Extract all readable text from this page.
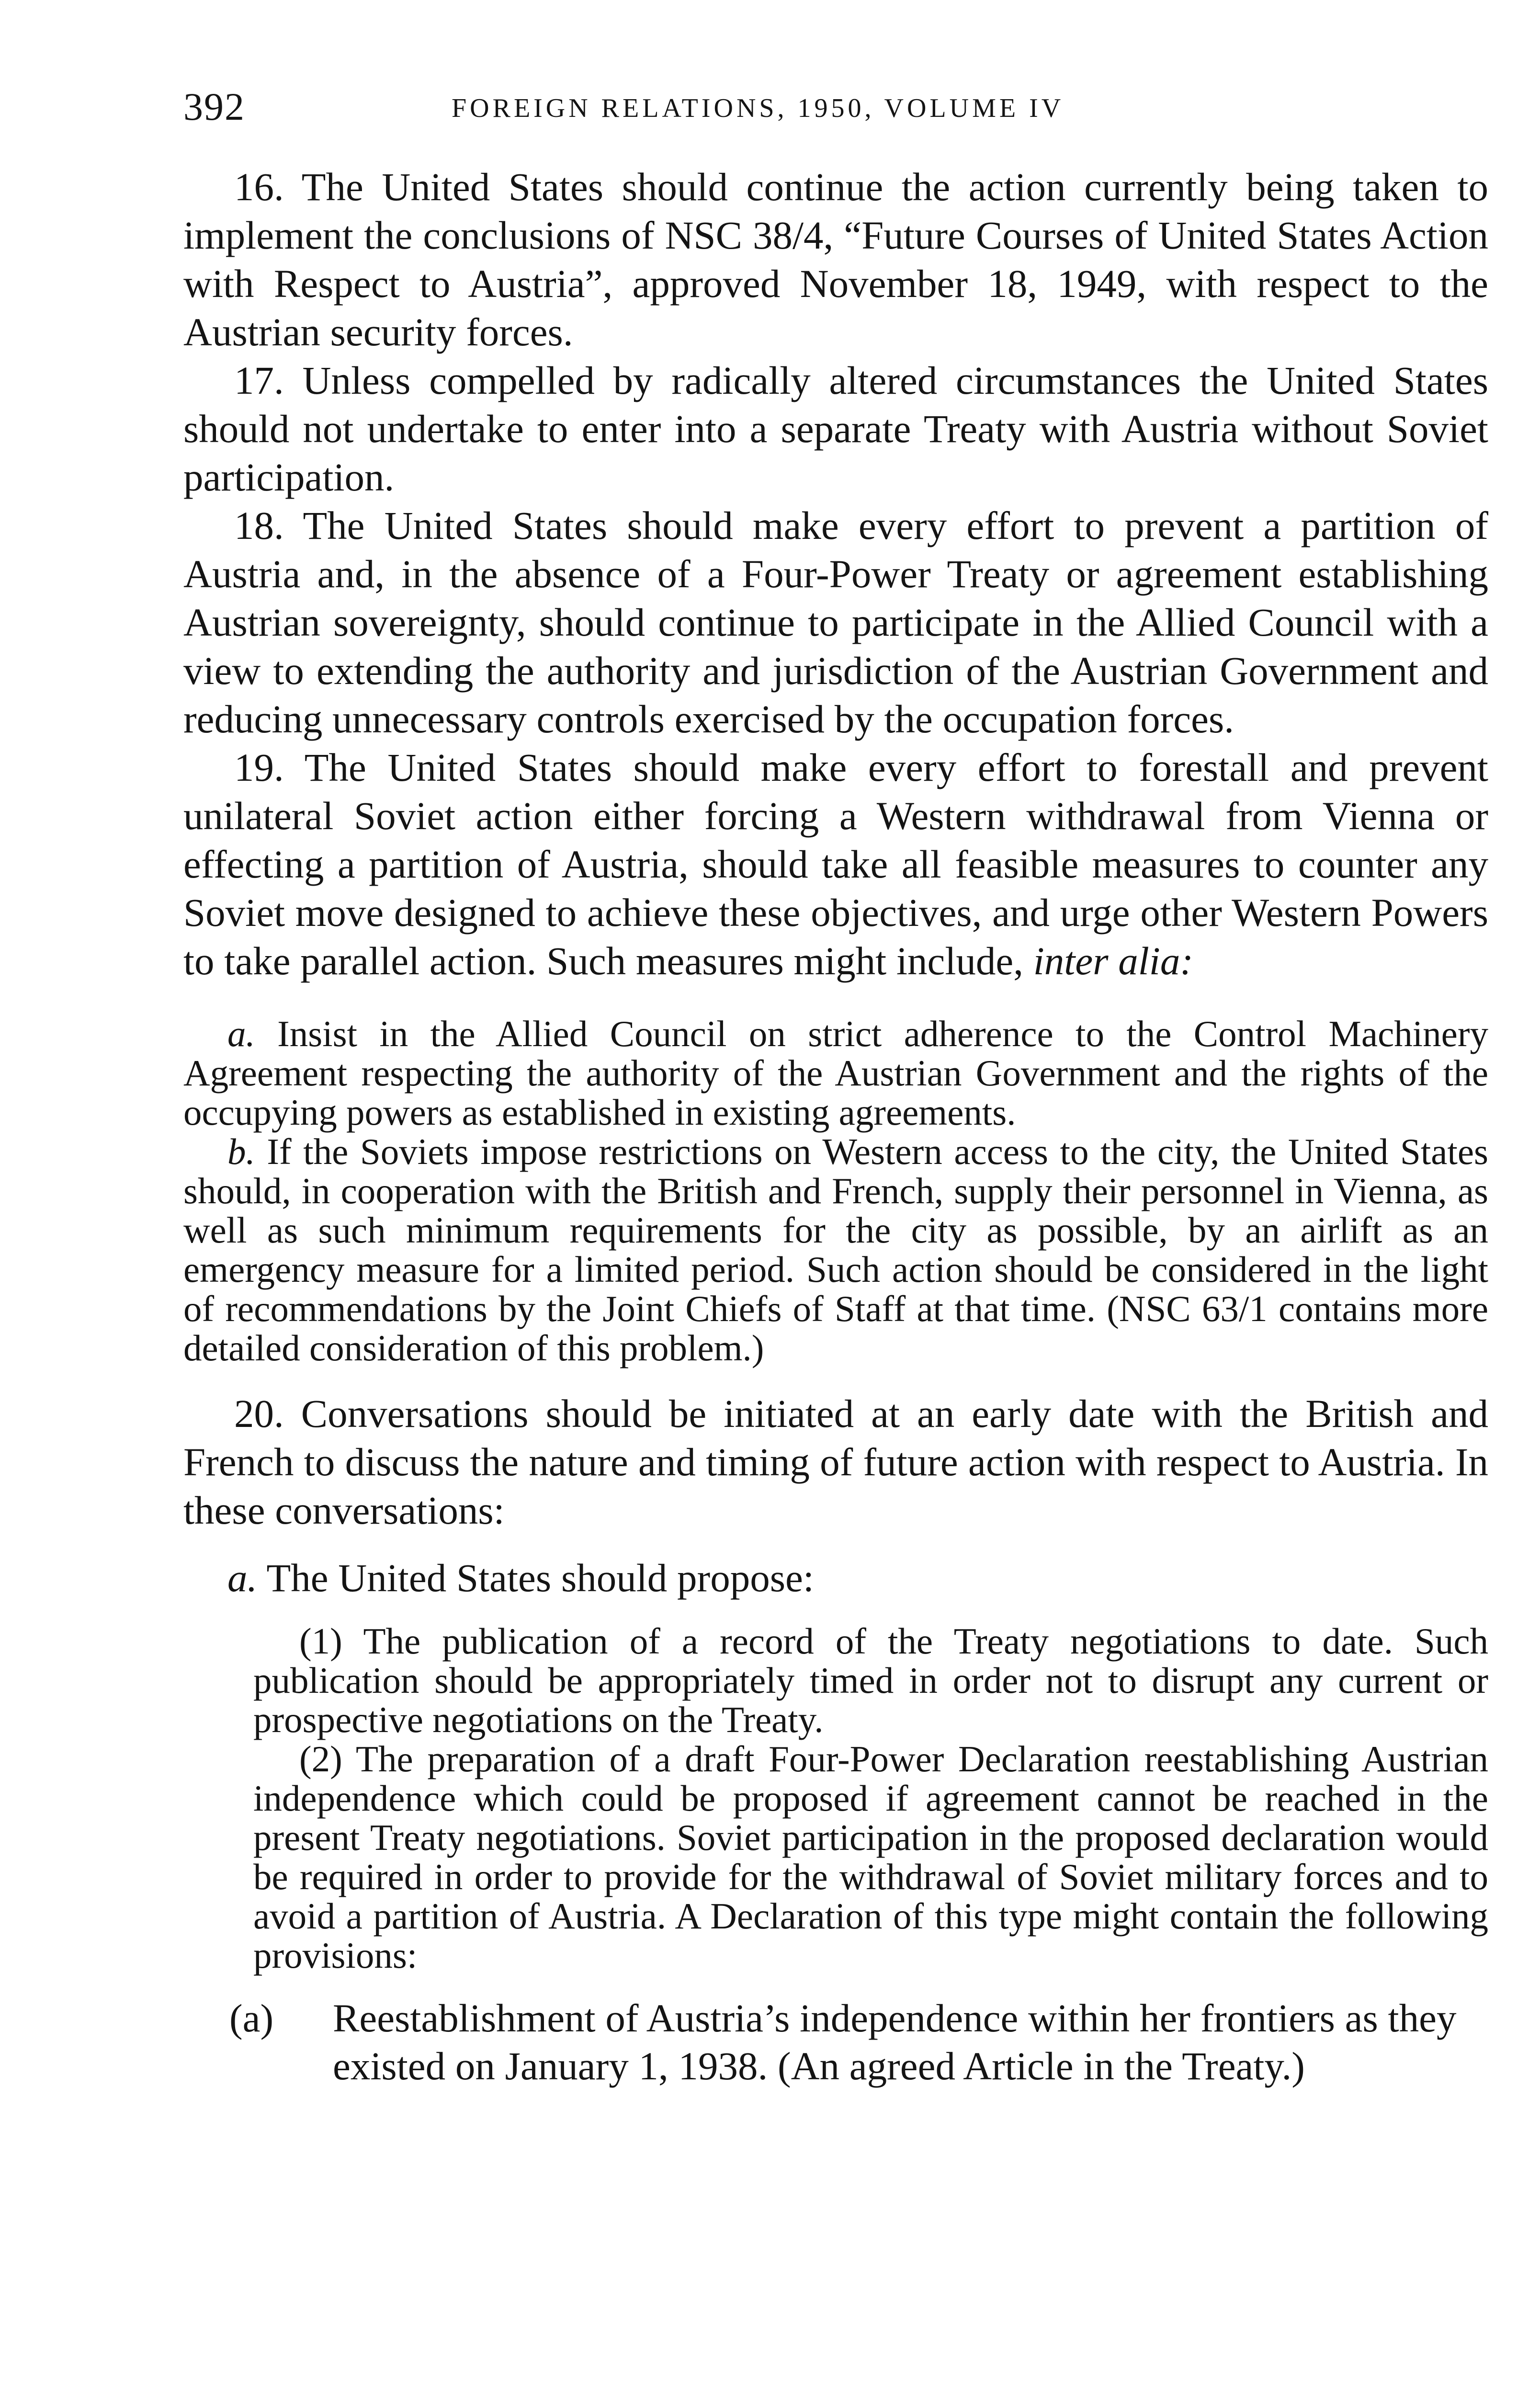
392	FOREIGN RELATIONS, 1950, VOLUME IV

16. The United States should continue the action currently being taken to implement the conclusions of NSC 38/4, “Future Courses of United States Action with Respect to Austria”, approved November 18, 1949, with respect to the Austrian security forces.

17. Unless compelled by radically altered circumstances the United States should not undertake to enter into a separate Treaty with Austria without Soviet participation.

18. The United States should make every effort to prevent a partition of Austria and, in the absence of a Four-Power Treaty or agreement establishing Austrian sovereignty, should continue to participate in the Allied Council with a view to extending the authority and jurisdiction of the Austrian Government and reducing unnecessary controls exercised by the occupation forces.

19. The United States should make every effort to forestall and prevent unilateral Soviet action either forcing a Western withdrawal from Vienna or effecting a partition of Austria, should take all feasible measures to counter any Soviet move designed to achieve these objectives, and urge other Western Powers to take parallel action. Such measures might include, inter alia:

a. Insist in the Allied Council on strict adherence to the Control Machinery Agreement respecting the authority of the Austrian Government and the rights of the occupying powers as established in existing agreements.

b. If the Soviets impose restrictions on Western access to the city, the United States should, in cooperation with the British and French, supply their personnel in Vienna, as well as such minimum requirements for the city as possible, by an airlift as an emergency measure for a limited period. Such action should be considered in the light of recommendations by the Joint Chiefs of Staff at that time. (NSC 63/1 contains more detailed consideration of this problem.)

20. Conversations should be initiated at an early date with the British and French to discuss the nature and timing of future action with respect to Austria. In these conversations:

a. The United States should propose:

(1) The publication of a record of the Treaty negotiations to date. Such publication should be appropriately timed in order not to disrupt any current or prospective negotiations on the Treaty.

(2) The preparation of a draft Four-Power Declaration reestablishing Austrian independence which could be proposed if agreement cannot be reached in the present Treaty negotiations. Soviet participation in the proposed declaration would be required in order to provide for the withdrawal of Soviet military forces and to avoid a partition of Austria. A Declaration of this type might contain the following provisions:

(a)	Reestablishment of Austria’s independence within her frontiers as they existed on January 1, 1938. (An agreed Article in the Treaty.)
